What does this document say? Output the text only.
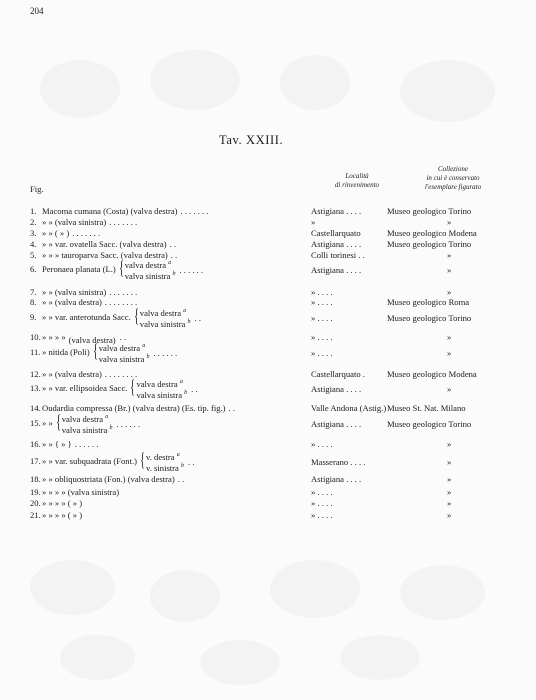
204
Tav. XXIII.
Fig.
Località
di rinvenimento
Collezione
in cui è conservato
l'esemplare figurato
1. Macoma cumana (Costa) (valva destra) . . . . . . .	Astigiana . . . .	Museo geologico Torino
2. » » (valva sinistra) . . . . . . .	»	»
3. » » ( » ) . . . . . . .	Castellarquato	Museo geologico Modena
4. » » var. ovatella Sacc. (valva destra) . .	Astigiana . . . .	Museo geologico Torino
5. » » » tauroparva Sacc. (valva destra) . .	Colli torinesi . .	»
6. Peronaea planata (L.) { valva destra $^a$
valva sinistra $^b$ . . . . . .	Astigiana . . . .	»
7. » » (valva sinistra) . . . . . . .	» . . . .	»
8. » » (valva destra) . . . . . . . .	» . . . .	Museo geologico Roma
9. » » var. anterotunda Sacc. { valva destra $^a$
valva sinistra $^b$ . .	» . . . .	Museo geologico Torino
10. » » » » (valva destra) . .	» . . . .	»
11. » nitida (Poli) { valva destra $^a$
valva sinistra $^b$ . . . . . .	» . . . .	»
12. » » (valva destra) . . . . . . . .	Castellarquato .	Museo geologico Modena
13. » » var. ellipsoidea Sacc. { valva destra $^a$
valva sinistra $^b$ . .	Astigiana . . . .	»
14. Oudardia compressa (Br.) (valva destra) (Es. tip. fig.) . .	Valle Andona (Astig.) Museo St. Nat. Milano
15. » » { valva destra $^a$
valva sinistra $^b$ . . . . . .	Astigiana . . . .	Museo geologico Torino
16. » » { » } . . . . . .	» . . . .	»
17. » » var. subquadrata (Font.) { v. destra $^a$
v. sinistra $^b$ . .	Masserano . . . .	»
18. » » obliquostriata (Fon.) (valva destra) . .	Astigiana . . . .	»
19. » » » » (valva sinistra)	» . . . .	»
20. » » » » ( » )	» . . . .	»
21. » » » » ( » )	» . . . .	»
